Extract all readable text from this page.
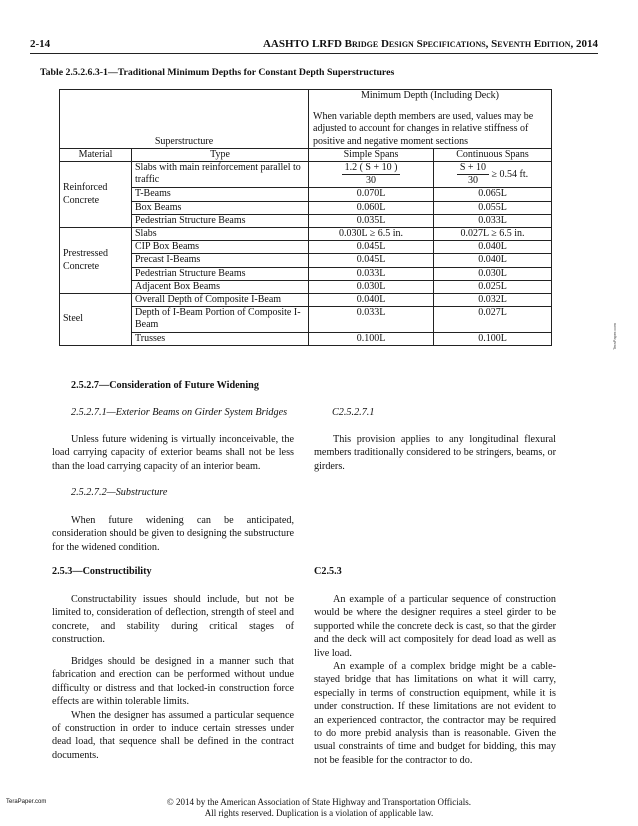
2-14	AASHTO LRFD Bridge Design Specifications, Seventh Edition, 2014
Table 2.5.2.6.3-1—Traditional Minimum Depths for Constant Depth Superstructures
Superstructure		Minimum Depth (Including Deck)
When variable depth members are used, values may be adjusted to account for changes in relative stiffness of positive and negative moment sections	

Material	Type	Simple Spans	Continuous Spans
Reinforced Concrete	Slabs with main reinforcement parallel to traffic	$\frac{1.2 ( S + 10 )}{30}$	$\frac{S + 10}{30} \ge 0.54$ ft.
	T-Beams	0.070L	0.065L
	Box Beams	0.060L	0.055L
	Pedestrian Structure Beams	0.035L	0.033L
Prestressed Concrete	Slabs	0.030L ≥ 6.5 in.	0.027L ≥ 6.5 in.
	CIP Box Beams	0.045L	0.040L
	Precast I-Beams	0.045L	0.040L
	Pedestrian Structure Beams	0.033L	0.030L
	Adjacent Box Beams	0.030L	0.025L
Steel	Overall Depth of Composite I-Beam	0.040L	0.032L
	Depth of I-Beam Portion of Composite I-Beam	0.033L	0.027L
	Trusses	0.100L	0.100L
2.5.2.7—Consideration of Future Widening
2.5.2.7.1—Exterior Beams on Girder System Bridges	C2.5.2.7.1

Unless future widening is virtually inconceivable, the load carrying capacity of exterior beams shall not be less than the load carrying capacity of an interior beam.

This provision applies to any longitudinal flexural members traditionally considered to be stringers, beams, or girders.

2.5.2.7.2—Substructure

When future widening can be anticipated, consideration should be given to designing the substructure for the widened condition.

2.5.3—Constructibility	C2.5.3

Constructability issues should include, but not be limited to, consideration of deflection, strength of steel and concrete, and stability during critical stages of construction.

Bridges should be designed in a manner such that fabrication and erection can be performed without undue difficulty or distress and that locked-in construction force effects are within tolerable limits.

When the designer has assumed a particular sequence of construction in order to induce certain stresses under dead load, that sequence shall be defined in the contract documents.

An example of a particular sequence of construction would be where the designer requires a steel girder to be supported while the concrete deck is cast, so that the girder and the deck will act compositely for dead load as well as live load.

An example of a complex bridge might be a cable-stayed bridge that has limitations on what it will carry, especially in terms of construction equipment, while it is under construction. If these limitations are not evident to an experienced contractor, the contractor may be required to do more prebid analysis than is reasonable. Given the usual constraints of time and budget for bidding, this may not be feasible for the contractor to do.

© 2014 by the American Association of State Highway and Transportation Officials.
All rights reserved. Duplication is a violation of applicable law.
TeraPaper.com
TeraPaper.com
